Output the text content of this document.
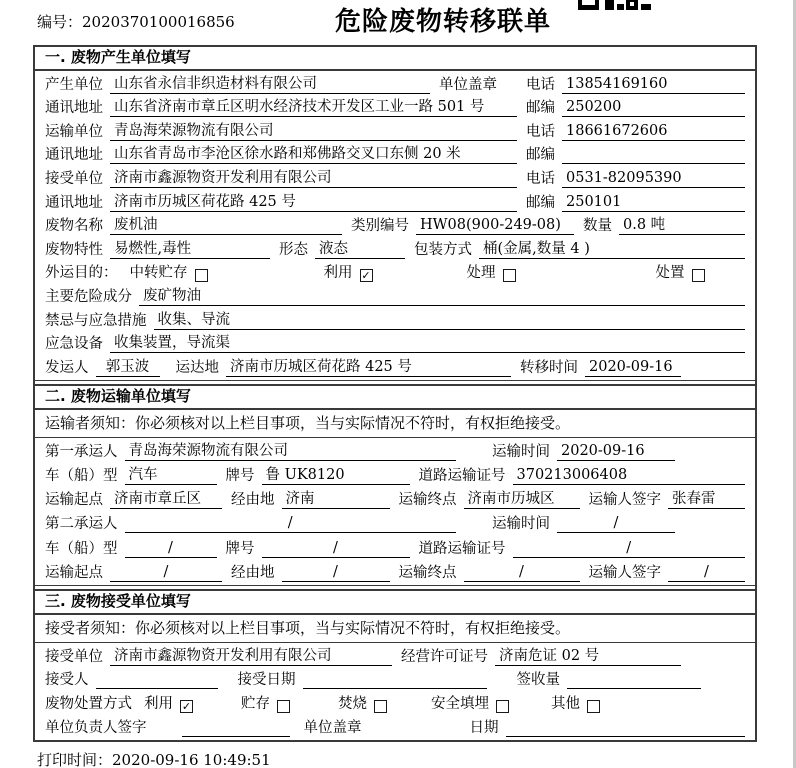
编号：2020370100016856	危险废物转移联单
一. 废物产生单位填写
产生单位 山东省永信非织造材料有限公司	单位盖章 电话 13854169160
通讯地址 山东省济南市章丘区明水经济技术开发区工业一路 501 号	邮编 250200
运输单位 青岛海荣源物流有限公司	电话 18661672606
通讯地址 山东省青岛市李沧区徐水路和郑佛路交叉口东侧 20 米	邮编
接受单位 济南市鑫源物资开发利用有限公司	电话 0531-82095390
通讯地址 济南市历城区荷花路 425 号	邮编 250101
废物名称 废机油	类别编号 HW08(900-249-08)	数量 0.8 吨
废物特性 易燃性,毒性	形态 液态	包装方式 桶(金属,数量 4 )
外运目的： 中转贮存	利用 ✓	处理	处置
主要危险成分 废矿物油
禁忌与应急措施 收集、导流
应急设备 收集装置，导流渠
发运人	郭玉波	运达地 济南市历城区荷花路 425 号	转移时间 2020-09-16
二. 废物运输单位填写
运输者须知：你必须核对以上栏目事项，当与实际情况不符时，有权拒绝接受。
第一承运人 青岛海荣源物流有限公司	运输时间 2020-09-16
车（船）型 汽车	牌号 鲁 UK8120	道路运输证号 370213006408
运输起点 济南市章丘区	经由地 济南	运输终点 济南市历城区	运输人签字 张春雷
第二承运人	/	运输时间	/
车（船）型	/	牌号	/	道路运输证号	/
运输起点	/	经由地	/	运输终点	/	运输人签字	/
三. 废物接受单位填写
接受者须知：你必须核对以上栏目事项，当与实际情况不符时，有权拒绝接受。
接受单位 济南市鑫源物资开发利用有限公司	经营许可证号 济南危证 02 号
接受人	接受日期	签收量
废物处置方式 利用 ✓	贮存	焚烧	安全填埋	其他
单位负责人签字	单位盖章	日期
打印时间：2020-09-16 10:49:51
